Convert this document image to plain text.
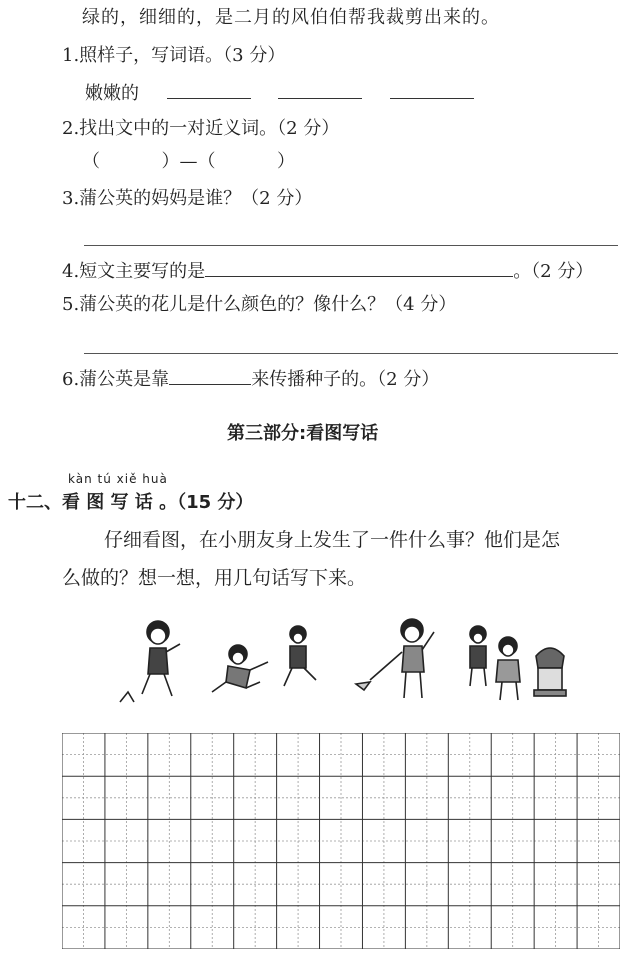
绿的，细细的，是二月的风伯伯帮我裁剪出来的。
1.照样子，写词语。（3 分）
嫩嫩的
2.找出文中的一对近义词。（2 分）
（	）—（	）
3.蒲公英的妈妈是谁？（2 分）
4.短文主要写的是	。（2 分）
5.蒲公英的花儿是什么颜色的？像什么？（4 分）
6.蒲公英是靠	来传播种子的。（2 分）
第三部分:看图写话
kàn tú xiě huà
十二、看 图 写 话 。（15 分）
仔细看图，在小朋友身上发生了一件什么事？他们是怎
么做的？想一想，用几句话写下来。
